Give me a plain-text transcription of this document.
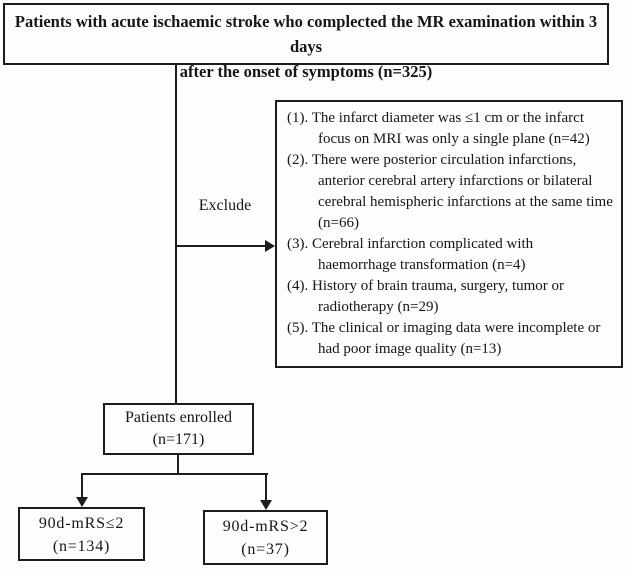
Patients with acute ischaemic stroke who complected the MR examination within 3 days
after the onset of symptoms (n=325)
Exclude
(1). The infarct diameter was ≤1 cm or the infarct focus on MRI was only a single plane (n=42)
(2). There were posterior circulation infarctions, anterior cerebral artery infarctions or bilateral cerebral hemispheric infarctions at the same time (n=66)
(3). Cerebral infarction complicated with haemorrhage transformation (n=4)
(4). History of brain trauma, surgery, tumor or radiotherapy (n=29)
(5). The clinical or imaging data were incomplete or had poor image quality (n=13)
Patients enrolled
(n=171)
90d-mRS≤2
(n=134)
90d-mRS>2
(n=37)
